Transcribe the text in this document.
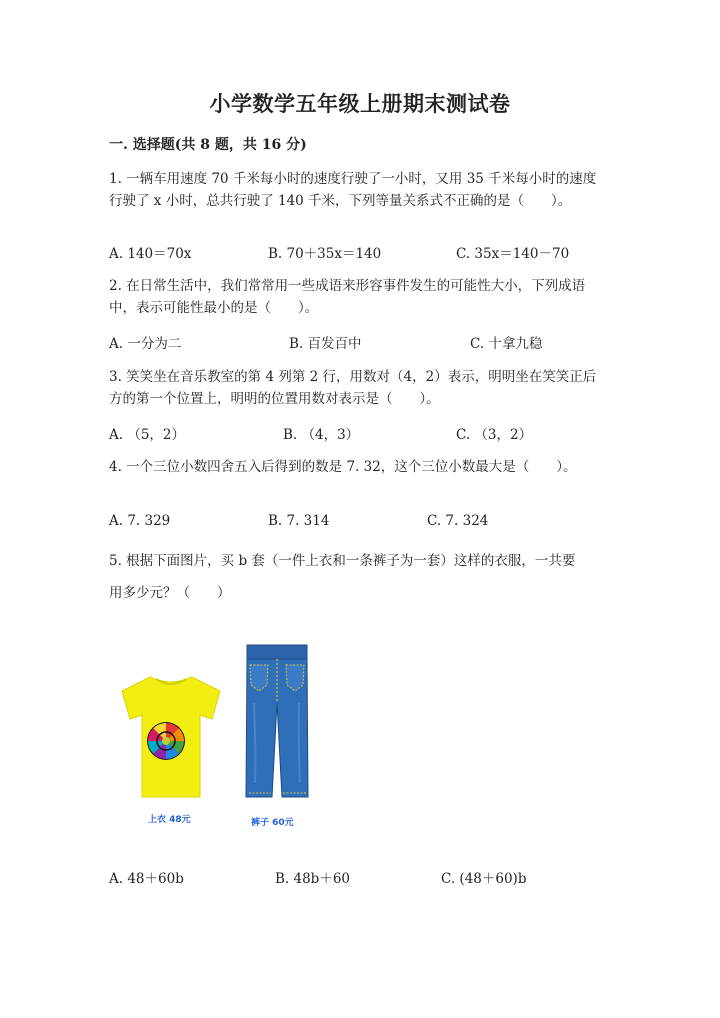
小学数学五年级上册期末测试卷
一. 选择题(共 8 题，共 16 分)
1. 一辆车用速度 70 千米每小时的速度行驶了一小时，又用 35 千米每小时的速度行驶了 x 小时，总共行驶了 140 千米，下列等量关系式不正确的是（　　）。
A. 140＝70x	B. 70＋35x＝140	C. 35x＝140－70
2. 在日常生活中，我们常常用一些成语来形容事件发生的可能性大小，下列成语中，表示可能性最小的是（　　）。
A. 一分为二	B. 百发百中	C. 十拿九稳
3. 笑笑坐在音乐教室的第 4 列第 2 行，用数对（4，2）表示，明明坐在笑笑正后方的第一个位置上，明明的位置用数对表示是（　　）。
A. （5，2）	B. （4，3）	C. （3，2）
4. 一个三位小数四舍五入后得到的数是 7. 32，这个三位小数最大是（　　）。
A. 7. 329	B. 7. 314	C. 7. 324
5. 根据下面图片，买 b 套（一件上衣和一条裤子为一套）这样的衣服，一共要
用多少元？（　　）
上衣 48元	裤子 60元
A. 48＋60b	B. 48b＋60	C. (48＋60)b
